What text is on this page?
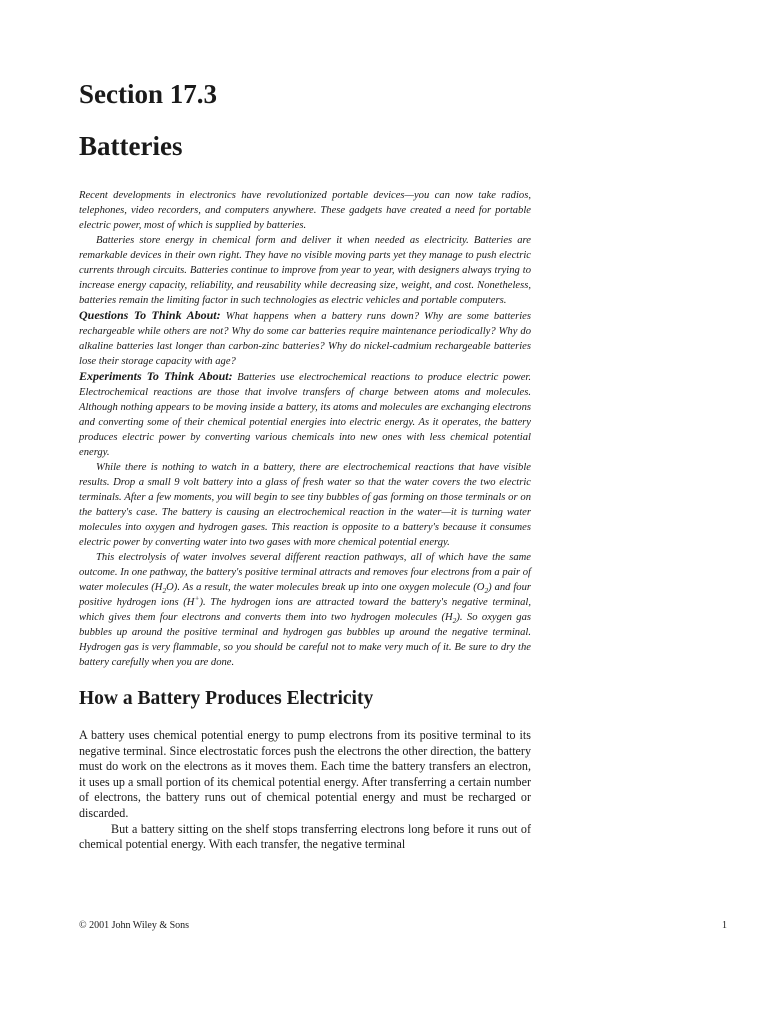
Section 17.3
Batteries

Recent developments in electronics have revolutionized portable devices—you can now take radios, telephones, video recorders, and computers anywhere. These gadgets have created a need for portable electric power, most of which is supplied by batteries.

Batteries store energy in chemical form and deliver it when needed as electricity. Batteries are remarkable devices in their own right. They have no visible moving parts yet they manage to push electric currents through circuits. Batteries continue to improve from year to year, with designers always trying to increase energy capacity, reliability, and reusability while decreasing size, weight, and cost. Nonetheless, batteries remain the limiting factor in such technologies as electric vehicles and portable computers.

Questions To Think About: What happens when a battery runs down? Why are some batteries rechargeable while others are not? Why do some car batteries require maintenance periodically? Why do alkaline batteries last longer than carbon-zinc batteries? Why do nickel-cadmium rechargeable batteries lose their storage capacity with age?

Experiments To Think About: Batteries use electrochemical reactions to produce electric power. Electrochemical reactions are those that involve transfers of charge between atoms and molecules. Although nothing appears to be moving inside a battery, its atoms and molecules are exchanging electrons and converting some of their chemical potential energies into electric energy. As it operates, the battery produces electric power by converting various chemicals into new ones with less chemical potential energy.

While there is nothing to watch in a battery, there are electrochemical reactions that have visible results. Drop a small 9 volt battery into a glass of fresh water so that the water covers the two electric terminals. After a few moments, you will begin to see tiny bubbles of gas forming on those terminals or on the battery's case. The battery is causing an electrochemical reaction in the water—it is turning water molecules into oxygen and hydrogen gases. This reaction is opposite to a battery's because it consumes electric power by converting water into two gases with more chemical potential energy.

This electrolysis of water involves several different reaction pathways, all of which have the same outcome. In one pathway, the battery's positive terminal attracts and removes four electrons from a pair of water molecules $(H_2O)$. As a result, the water molecules break up into one oxygen molecule $(O_2)$ and four positive hydrogen ions (H+). The hydrogen ions are attracted toward the battery's negative terminal, which gives them four electrons and converts them into two hydrogen molecules $(H_2)$. So oxygen gas bubbles up around the positive terminal and hydrogen gas bubbles up around the negative terminal. Hydrogen gas is very flammable, so you should be careful not to make very much of it. Be sure to dry the battery carefully when you are done.

How a Battery Produces Electricity

A battery uses chemical potential energy to pump electrons from its positive terminal to its negative terminal. Since electrostatic forces push the electrons the other direction, the battery must do work on the electrons as it moves them. Each time the battery transfers an electron, it uses up a small portion of its chemical potential energy. After transferring a certain number of electrons, the battery runs out of chemical potential energy and must be recharged or discarded.

But a battery sitting on the shelf stops transferring electrons long before it runs out of chemical potential energy. With each transfer, the negative terminal

© 2001 John Wiley & Sons	1
